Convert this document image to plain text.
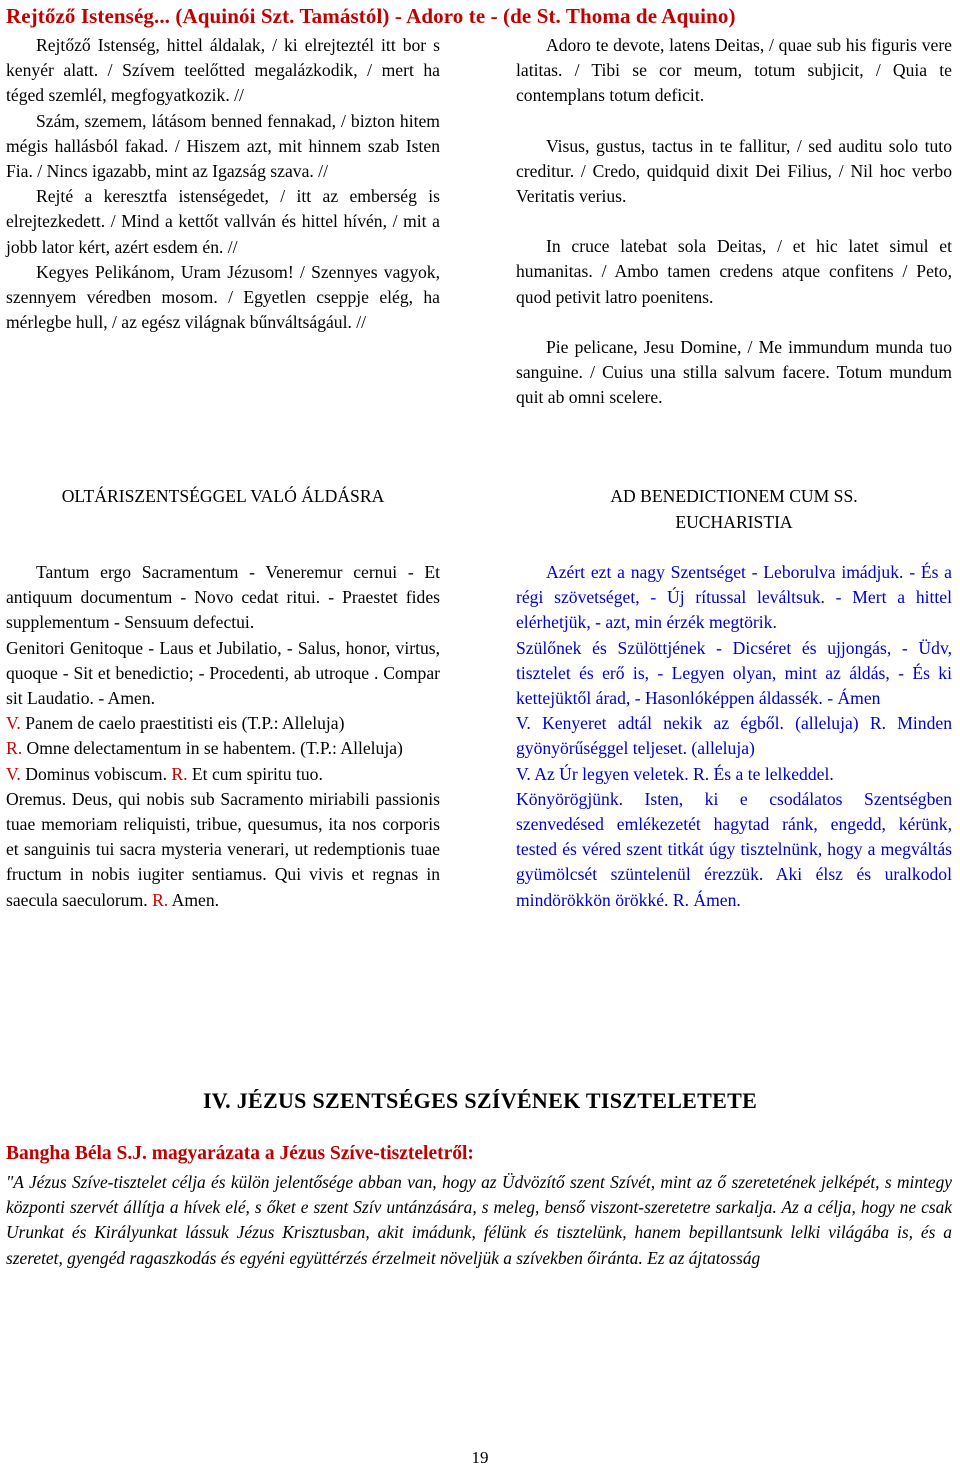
Rejtőző Istenség... (Aquinói Szt. Tamástól) - Adoro te - (de St. Thoma de Aquino)

Rejtőző Istenség, hittel áldalak, / ki elrejteztél itt bor s kenyér alatt. / Szívem teelőtted megalázkodik, / mert ha téged szemlél, megfogyatkozik. //

Szám, szemem, látásom benned fennakad, / bizton hitem mégis hallásból fakad. / Hiszem azt, mit hinnem szab Isten Fia. / Nincs igazabb, mint az Igazság szava. //

Rejté a keresztfa istenségedet, / itt az emberség is elrejtezkedett. / Mind a kettőt vallván és hittel hívén, / mit a jobb lator kért, azért esdem én. //

Kegyes Pelikánom, Uram Jézusom! / Szennyes vagyok, szennyem véredben mosom. / Egyetlen cseppje elég, ha mérlegbe hull, / az egész világnak bűnváltságául. //

Adoro te devote, latens Deitas, / quae sub his figuris vere latitas. / Tibi se cor meum, totum subjicit, / Quia te contemplans totum deficit.

Visus, gustus, tactus in te fallitur, / sed auditu solo tuto creditur. / Credo, quidquid dixit Dei Filius, / Nil hoc verbo Veritatis verius.

In cruce latebat sola Deitas, / et hic latet simul et humanitas. / Ambo tamen credens atque confitens / Peto, quod petivit latro poenitens.

Pie pelicane, Jesu Domine, / Me immundum munda tuo sanguine. / Cuius una stilla salvum facere. Totum mundum quit ab omni scelere.

OLTÁRISZENTSÉGGEL VALÓ ÁLDÁSRA	AD BENEDICTIONEM CUM SS.
EUCHARISTIA

Tantum ergo Sacramentum - Veneremur cernui - Et antiquum documentum - Novo cedat ritui. - Praestet fides supplementum - Sensuum defectui.

Genitori Genitoque - Laus et Jubilatio, - Salus, honor, virtus, quoque - Sit et benedictio; - Procedenti, ab utroque . Compar sit Laudatio. - Amen.

V. Panem de caelo praestitisti eis (T.P.: Alleluja)

R. Omne delectamentum in se habentem. (T.P.: Alleluja)

V. Dominus vobiscum. R. Et cum spiritu tuo.

Oremus. Deus, qui nobis sub Sacramento miriabili passionis tuae memoriam reliquisti, tribue, quesumus, ita nos corporis et sanguinis tui sacra mysteria venerari, ut redemptionis tuae fructum in nobis iugiter sentiamus. Qui vivis et regnas in saecula saeculorum. R. Amen.

Azért ezt a nagy Szentséget - Leborulva imádjuk. - És a régi szövetséget, - Új rítussal leváltsuk. - Mert a hittel elérhetjük, - azt, min érzék megtörik.

Szülőnek és Szülöttjének - Dicséret és ujjongás, - Üdv, tisztelet és erő is, - Legyen olyan, mint az áldás, - És ki kettejüktől árad, - Hasonlóképpen áldassék. - Ámen

V. Kenyeret adtál nekik az égből. (alleluja) R. Minden gyönyörűséggel teljeset. (alleluja)

V. Az Úr legyen veletek. R. És a te lelkeddel.

Könyörögjünk. Isten, ki e csodálatos Szentségben szenvedésed emlékezetét hagytad ránk, engedd, kérünk, tested és véred szent titkát úgy tisztelnünk, hogy a megváltás gyümölcsét szüntelenül érezzük. Aki élsz és uralkodol mindörökkön örökké. R. Ámen.

IV. JÉZUS SZENTSÉGES SZÍVÉNEK TISZTELETETE
Bangha Béla S.J. magyarázata a Jézus Szíve-tiszteletről:
"A Jézus Szíve-tisztelet célja és külön jelentősége abban van, hogy az Üdvözítő szent Szívét, mint az ő szeretetének jelképét, s mintegy központi szervét állítja a hívek elé, s őket e szent Szív untánzására, s meleg, benső viszont-szeretetre sarkalja. Az a célja, hogy ne csak Urunkat és Királyunkat lássuk Jézus Krisztusban, akit imádunk, félünk és tisztelünk, hanem bepillantsunk lelki világába is, és a szeretet, gyengéd ragaszkodás és egyéni együttérzés érzelmeit növeljük a szívekben őiránta. Ez az ájtatosság
19
